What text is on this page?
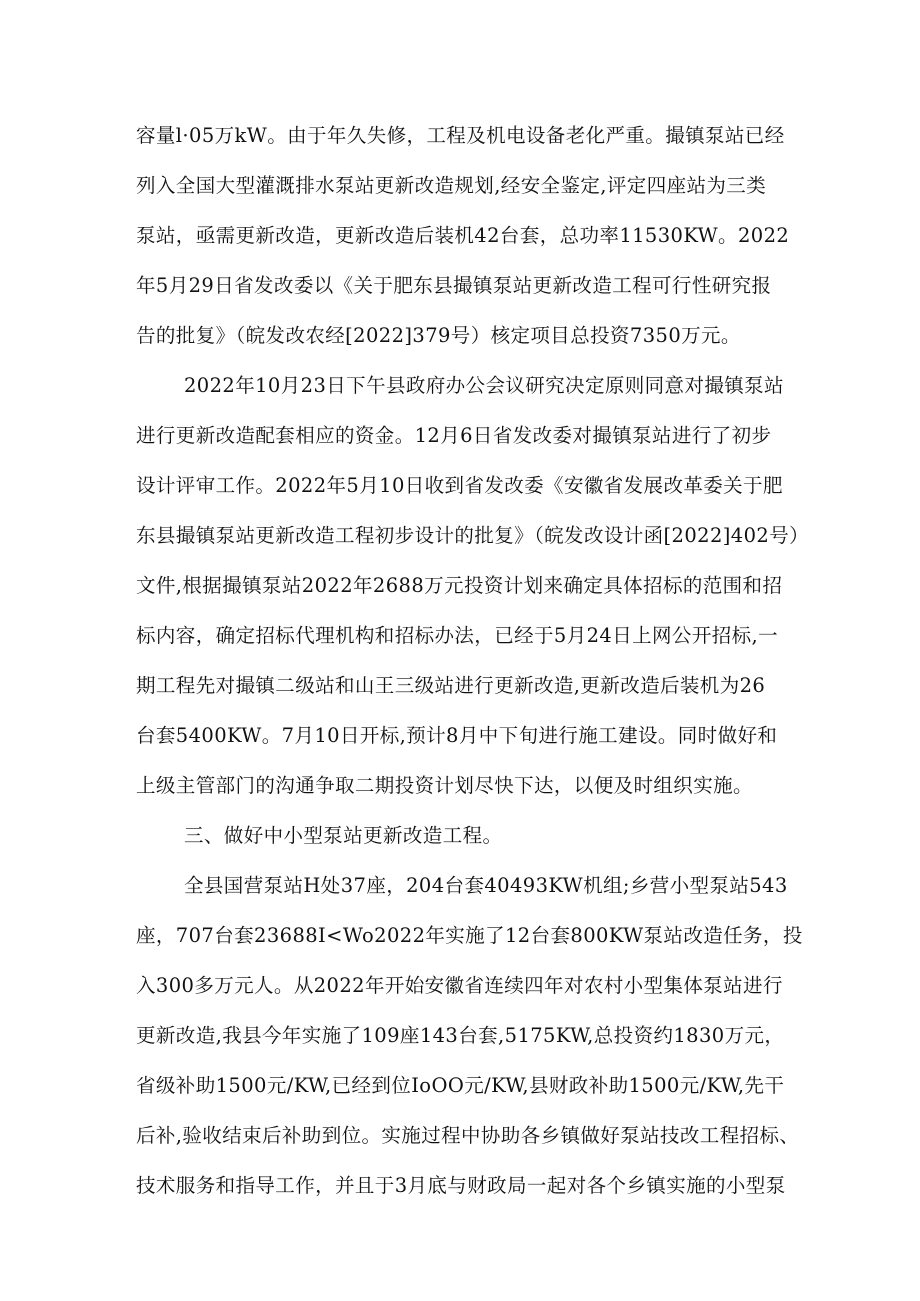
容量l·05万kW。由于年久失修，工程及机电设备老化严重。撮镇泵站已经
列入全国大型灌溉排水泵站更新改造规划,经安全鉴定,评定四座站为三类
泵站，亟需更新改造，更新改造后装机42台套，总功率11530KW。2022
年5月29日省发改委以《关于肥东县撮镇泵站更新改造工程可行性研究报
告的批复》（皖发改农经[2022]379号）核定项目总投资7350万元。
2022年10月23日下午县政府办公会议研究决定原则同意对撮镇泵站
进行更新改造配套相应的资金。12月6日省发改委对撮镇泵站进行了初步
设计评审工作。2022年5月10日收到省发改委《安徽省发展改革委关于肥
东县撮镇泵站更新改造工程初步设计的批复》（皖发改设计函[2022]402号）
文件,根据撮镇泵站2022年2688万元投资计划来确定具体招标的范围和招
标内容，确定招标代理机构和招标办法，已经于5月24日上网公开招标,一
期工程先对撮镇二级站和山王三级站进行更新改造,更新改造后装机为26
台套5400KW。7月10日开标,预计8月中下旬进行施工建设。同时做好和
上级主管部门的沟通争取二期投资计划尽快下达，以便及时组织实施。
三、做好中小型泵站更新改造工程。
全县国营泵站H处37座，204台套40493KW机组;乡营小型泵站543
座，707台套23688I<Wo2022年实施了12台套800KW泵站改造任务，投
入300多万元人。从2022年开始安徽省连续四年对农村小型集体泵站进行
更新改造,我县今年实施了109座143台套,5175KW,总投资约1830万元，
省级补助1500元/KW,已经到位IoOO元/KW,县财政补助1500元/KW,先干
后补,验收结束后补助到位。实施过程中协助各乡镇做好泵站技改工程招标、
技术服务和指导工作，并且于3月底与财政局一起对各个乡镇实施的小型泵
